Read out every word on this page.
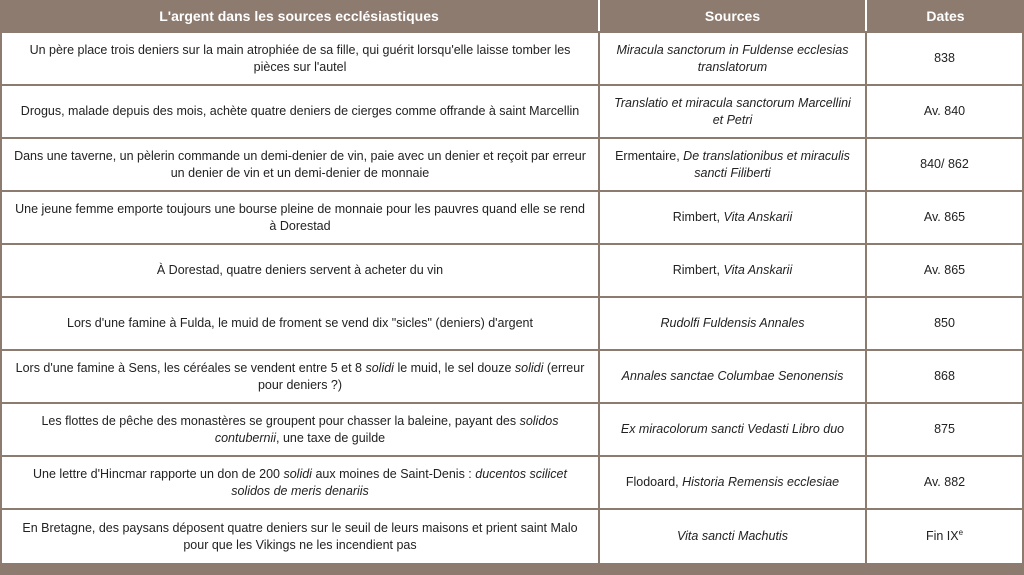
L'argent dans les sources ecclésiastiques	Sources	Dates
Un père place trois deniers sur la main atrophiée de sa fille, qui guérit lorsqu'elle laisse tomber les pièces sur l'autel	Miracula sanctorum in Fuldense ecclesias translatorum	838
Drogus, malade depuis des mois, achète quatre deniers de cierges comme offrande à saint Marcellin	Translatio et miracula sanctorum Marcellini et Petri	Av. 840
Dans une taverne, un pèlerin commande un demi-denier de vin, paie avec un denier et reçoit par erreur un denier de vin et un demi-denier de monnaie	Ermentaire, De translationibus et miraculis sancti Filiberti	840/ 862
Une jeune femme emporte toujours une bourse pleine de monnaie pour les pauvres quand elle se rend à Dorestad	Rimbert, Vita Anskarii	Av. 865
À Dorestad, quatre deniers servent à acheter du vin	Rimbert, Vita Anskarii	Av. 865
Lors d'une famine à Fulda, le muid de froment se vend dix "sicles" (deniers) d'argent	Rudolfi Fuldensis Annales	850
Lors d'une famine à Sens, les céréales se vendent entre 5 et 8 solidi le muid, le sel douze solidi (erreur pour deniers ?)	Annales sanctae Columbae Senonensis	868
Les flottes de pêche des monastères se groupent pour chasser la baleine, payant des solidos contubernii, une taxe de guilde	Ex miracolorum sancti Vedasti Libro duo	875
Une lettre d'Hincmar rapporte un don de 200 solidi aux moines de Saint-Denis : ducentos scilicet solidos de meris denariis	Flodoard, Historia Remensis ecclesiae	Av. 882
En Bretagne, des paysans déposent quatre deniers sur le seuil de leurs maisons et prient saint Malo pour que les Vikings ne les incendient pas	Vita sancti Machutis	Fin IXe
